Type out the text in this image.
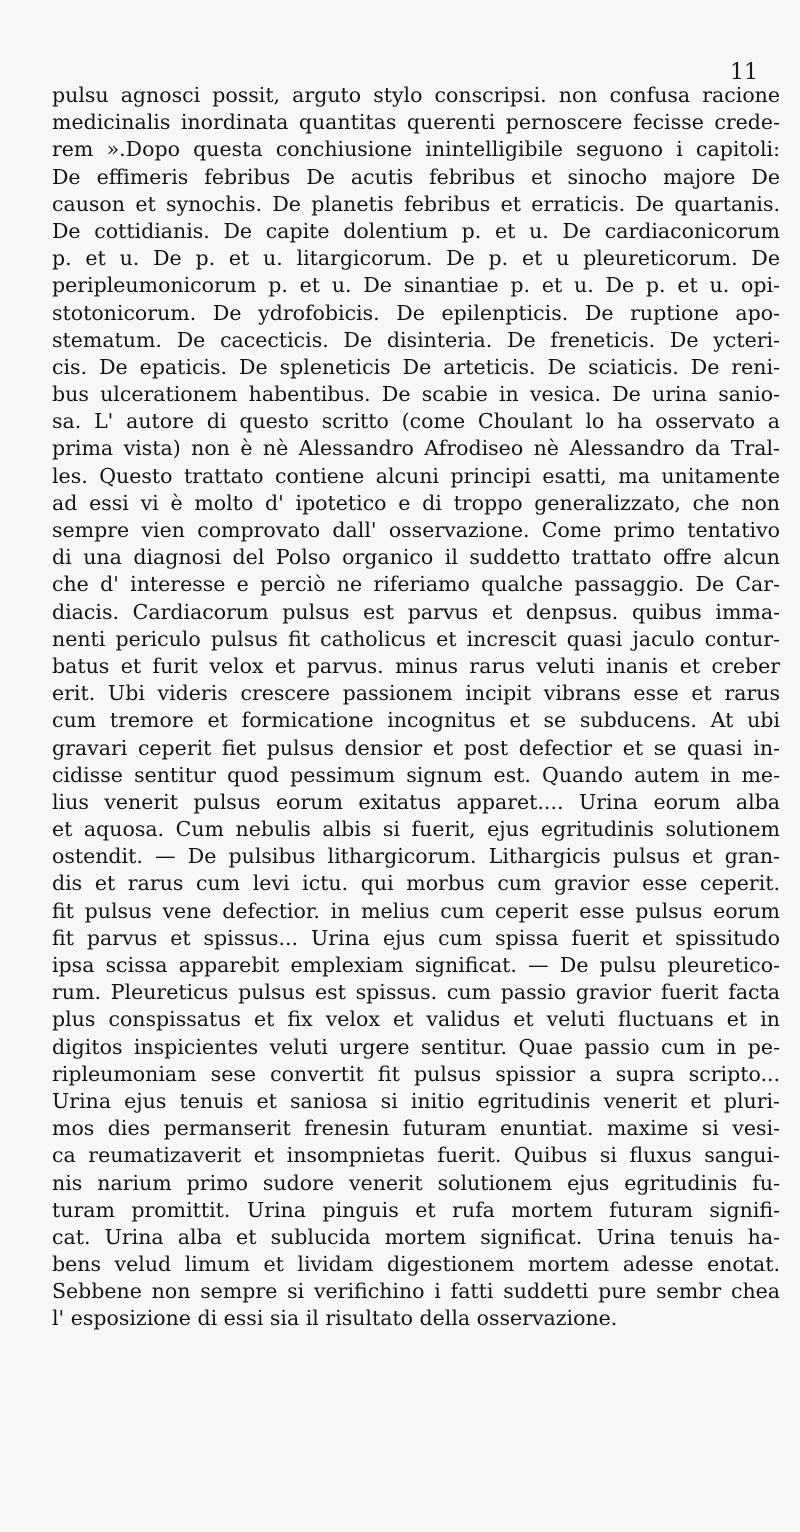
11
pulsu agnosci possit, arguto stylo conscripsi. non confusa racione
medicinalis inordinata quantitas querenti pernoscere fecisse crede-
rem ».Dopo questa conchiusione inintelligibile seguono i capitoli:
De effimeris febribus De acutis febribus et sinocho majore De
causon et synochis. De planetis febribus et erraticis. De quartanis.
De cottidianis. De capite dolentium p. et u. De cardiaconicorum
p. et u. De p. et u. litargicorum. De p. et u pleureticorum. De
peripleumonicorum p. et u. De sinantiae p. et u. De p. et u. opi-
stotonicorum. De ydrofobicis. De epilenpticis. De ruptione apo-
stematum. De cacecticis. De disinteria. De freneticis. De ycteri-
cis. De epaticis. De spleneticis De arteticis. De sciaticis. De reni-
bus ulcerationem habentibus. De scabie in vesica. De urina sanio-
sa. L' autore di questo scritto (come Choulant lo ha osservato a
prima vista) non è nè Alessandro Afrodiseo nè Alessandro da Tral-
les. Questo trattato contiene alcuni principi esatti, ma unitamente
ad essi vi è molto d' ipotetico e di troppo generalizzato, che non
sempre vien comprovato dall' osservazione. Come primo tentativo
di una diagnosi del Polso organico il suddetto trattato offre alcun
che d' interesse e perciò ne riferiamo qualche passaggio. De Car-
diacis. Cardiacorum pulsus est parvus et denpsus. quibus imma-
nenti periculo pulsus fit catholicus et increscit quasi jaculo contur-
batus et furit velox et parvus. minus rarus veluti inanis et creber
erit. Ubi videris crescere passionem incipit vibrans esse et rarus
cum tremore et formicatione incognitus et se subducens. At ubi
gravari ceperit fiet pulsus densior et post defectior et se quasi in-
cidisse sentitur quod pessimum signum est. Quando autem in me-
lius venerit pulsus eorum exitatus apparet.... Urina eorum alba
et aquosa. Cum nebulis albis si fuerit, ejus egritudinis solutionem
ostendit. — De pulsibus lithargicorum. Lithargicis pulsus et gran-
dis et rarus cum levi ictu. qui morbus cum gravior esse ceperit.
fit pulsus vene defectior. in melius cum ceperit esse pulsus eorum
fit parvus et spissus... Urina ejus cum spissa fuerit et spissitudo
ipsa scissa apparebit emplexiam significat. — De pulsu pleuretico-
rum. Pleureticus pulsus est spissus. cum passio gravior fuerit facta
plus conspissatus et fix velox et validus et veluti fluctuans et in
digitos inspicientes veluti urgere sentitur. Quae passio cum in pe-
ripleumoniam sese convertit fit pulsus spissior a supra scripto...
Urina ejus tenuis et saniosa si initio egritudinis venerit et pluri-
mos dies permanserit frenesin futuram enuntiat. maxime si vesi-
ca reumatizaverit et insompnietas fuerit. Quibus si fluxus sangui-
nis narium primo sudore venerit solutionem ejus egritudinis fu-
turam promittit. Urina pinguis et rufa mortem futuram signifi-
cat. Urina alba et sublucida mortem significat. Urina tenuis ha-
bens velud limum et lividam digestionem mortem adesse enotat.
Sebbene non sempre si verifichino i fatti suddetti pure sembr chea
l' esposizione di essi sia il risultato della osservazione.
